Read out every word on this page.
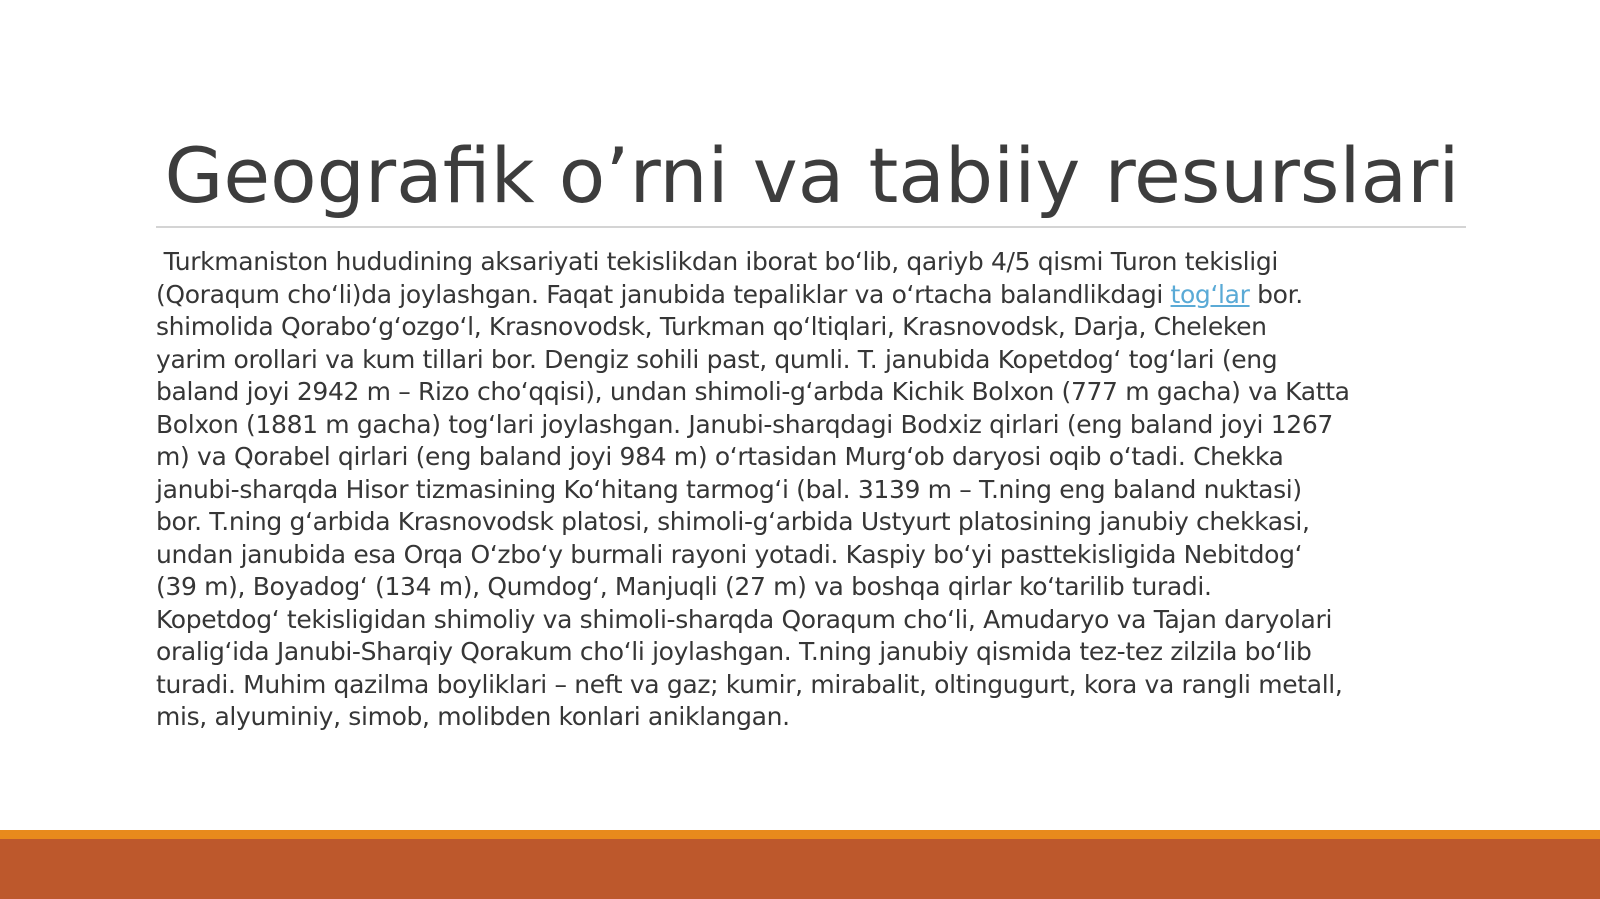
Geografik o’rni va tabiiy resurslari
Turkmaniston hududining aksariyati tekislikdan iborat boʻlib, qariyb 4/5 qismi Turon tekisligi
(Qoraqum choʻli)da joylashgan. Faqat janubida tepaliklar va oʻrtacha balandlikdagi togʻlar bor.
shimolida Qoraboʻgʻozgoʻl, Krasnovodsk, Turkman qoʻltiqlari, Krasnovodsk, Darja, Cheleken
yarim orollari va kum tillari bor. Dengiz sohili past, qumli. T. janubida Kopetdogʻ togʻlari (eng
baland joyi 2942 m – Rizo choʻqqisi), undan shimoli-gʻarbda Kichik Bolxon (777 m gacha) va Katta
Bolxon (1881 m gacha) togʻlari joylashgan. Janubi-sharqdagi Bodxiz qirlari (eng baland joyi 1267
m) va Qorabel qirlari (eng baland joyi 984 m) oʻrtasidan Murgʻob daryosi oqib oʻtadi. Chekka
janubi-sharqda Hisor tizmasining Koʻhitang tarmogʻi (bal. 3139 m – T.ning eng baland nuktasi)
bor. T.ning gʻarbida Krasnovodsk platosi, shimoli-gʻarbida Ustyurt platosining janubiy chekkasi,
undan janubida esa Orqa Oʻzboʻy burmali rayoni yotadi. Kaspiy boʻyi pasttekisligida Nebitdogʻ
(39 m), Boyadogʻ (134 m), Qumdogʻ, Manjuqli (27 m) va boshqa qirlar koʻtarilib turadi.
Kopetdogʻ tekisligidan shimoliy va shimoli-sharqda Qoraqum choʻli, Amudaryo va Tajan daryolari
oraligʻida Janubi-Sharqiy Qorakum choʻli joylashgan. T.ning janubiy qismida tez-tez zilzila boʻlib
turadi. Muhim qazilma boyliklari – neft va gaz; kumir, mirabalit, oltingugurt, kora va rangli metall,
mis, alyuminiy, simob, molibden konlari aniklangan.
